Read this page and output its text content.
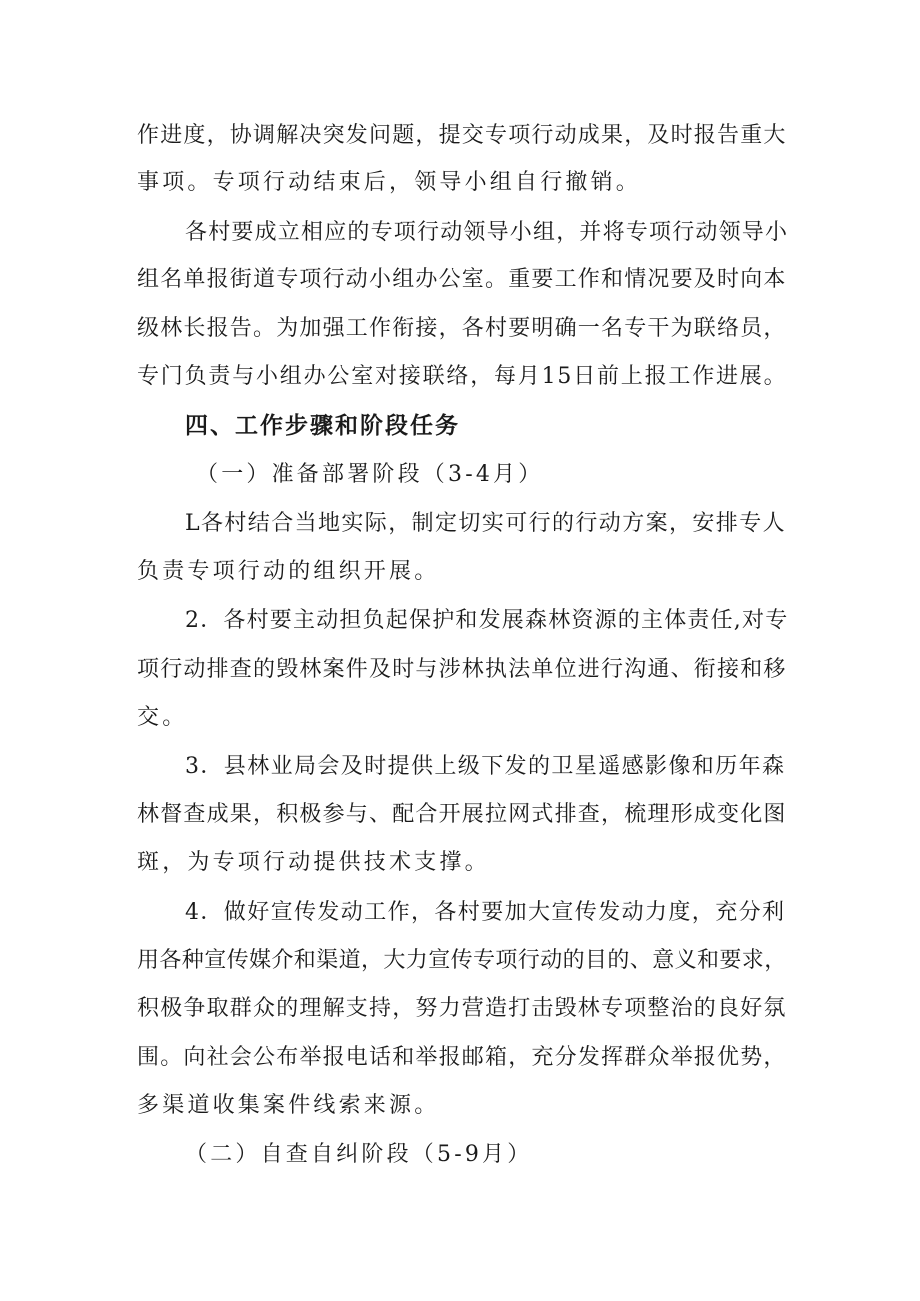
作进度，协调解决突发问题，提交专项行动成果，及时报告重大
事项。专项行动结束后，领导小组自行撤销。
各村要成立相应的专项行动领导小组，并将专项行动领导小
组名单报街道专项行动小组办公室。重要工作和情况要及时向本
级林长报告。为加强工作衔接，各村要明确一名专干为联络员，
专门负责与小组办公室对接联络，每月15日前上报工作进展。
四、工作步骤和阶段任务
（一）准备部署阶段（3-4月）
L各村结合当地实际，制定切实可行的行动方案，安排专人
负责专项行动的组织开展。
2．各村要主动担负起保护和发展森林资源的主体责任,对专
项行动排查的毁林案件及时与涉林执法单位进行沟通、衔接和移
交。
3．县林业局会及时提供上级下发的卫星遥感影像和历年森
林督查成果，积极参与、配合开展拉网式排查，梳理形成变化图
斑，为专项行动提供技术支撑。
4．做好宣传发动工作，各村要加大宣传发动力度，充分利
用各种宣传媒介和渠道，大力宣传专项行动的目的、意义和要求，
积极争取群众的理解支持，努力营造打击毁林专项整治的良好氛
围。向社会公布举报电话和举报邮箱，充分发挥群众举报优势，
多渠道收集案件线索来源。
（二）自查自纠阶段（5-9月）
